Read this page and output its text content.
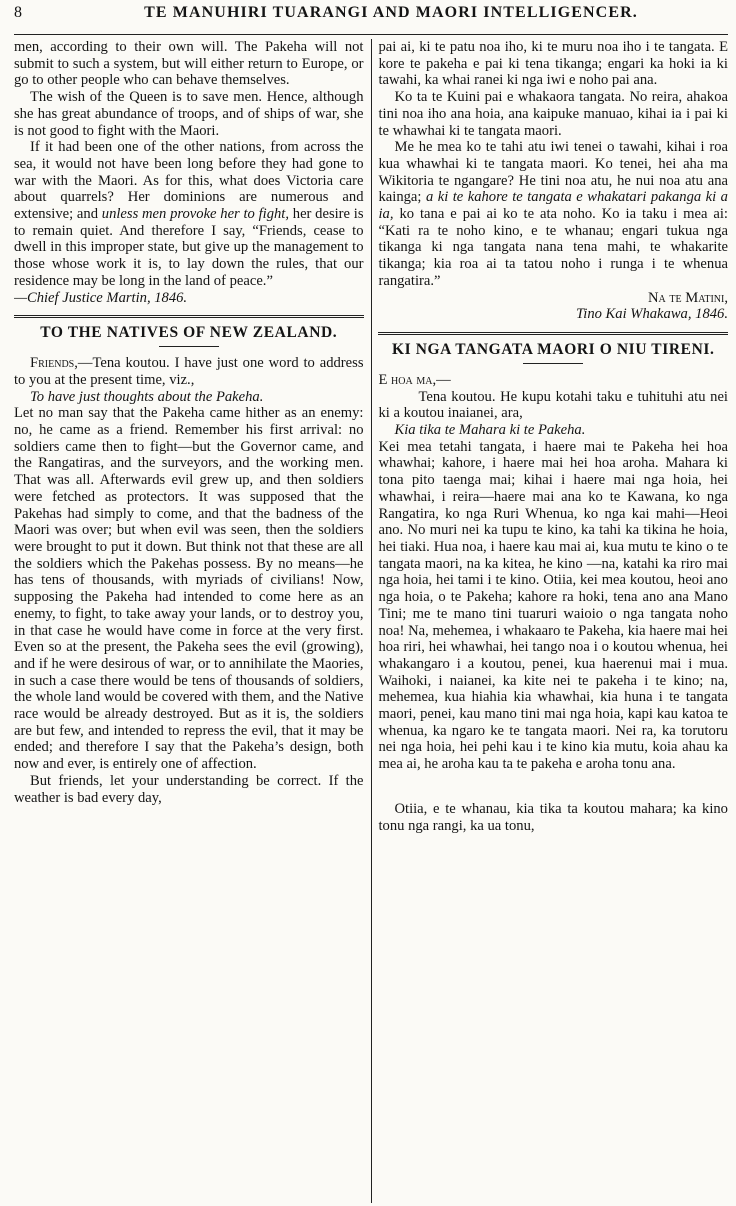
8	TE MANUHIRI TUARANGI AND MAORI INTELLIGENCER.

men, according to their own will. The Pakeha will not submit to such a system, but will either return to Europe, or go to other people who can behave themselves.

The wish of the Queen is to save men. Hence, although she has great abundance of troops, and of ships of war, she is not good to fight with the Maori.

If it had been one of the other nations, from across the sea, it would not have been long before they had gone to war with the Maori. As for this, what does Victoria care about quarrels? Her dominions are numerous and extensive; and unless men provoke her to fight, her desire is to remain quiet. And therefore I say, “Friends, cease to dwell in this improper state, but give up the management to those whose work it is, to lay down the rules, that our residence may be long in the land of peace.”

—Chief Justice Martin, 1846.

TO THE NATIVES OF NEW ZEALAND.

Friends,—Tena koutou. I have just one word to address to you at the present time, viz.,

To have just thoughts about the Pakeha.

Let no man say that the Pakeha came hither as an enemy: no, he came as a friend. Remember his first arrival: no soldiers came then to fight—but the Governor came, and the Rangatiras, and the surveyors, and the working men. That was all. Afterwards evil grew up, and then soldiers were fetched as protectors. It was supposed that the Pakehas had simply to come, and that the badness of the Maori was over; but when evil was seen, then the soldiers were brought to put it down. But think not that these are all the soldiers which the Pakehas possess. By no means—he has tens of thousands, with myriads of civilians! Now, supposing the Pakeha had intended to come here as an enemy, to fight, to take away your lands, or to destroy you, in that case he would have come in force at the very first. Even so at the present, the Pakeha sees the evil (growing), and if he were desirous of war, or to annihilate the Maories, in such a case there would be tens of thousands of soldiers, the whole land would be covered with them, and the Native race would be already destroyed. But as it is, the soldiers are but few, and intended to repress the evil, that it may be ended; and therefore I say that the Pakeha’s design, both now and ever, is entirely one of affection.

But friends, let your understanding be correct. If the weather is bad every day,

pai ai, ki te patu noa iho, ki te muru noa iho i te tangata. E kore te pakeha e pai ki tena tikanga; engari ka hoki ia ki tawahi, ka whai ranei ki nga iwi e noho pai ana.

Ko ta te Kuini pai e whakaora tangata. No reira, ahakoa tini noa iho ana hoia, ana kaipuke manuao, kihai ia i pai ki te whawhai ki te tangata maori.

Me he mea ko te tahi atu iwi tenei o tawahi, kihai i roa kua whawhai ki te tangata maori. Ko tenei, hei aha ma Wikitoria te ngangare? He tini noa atu, he nui noa atu ana kainga; a ki te kahore te tangata e whakatari pakanga ki a ia, ko tana e pai ai ko te ata noho. Ko ia taku i mea ai: “Kati ra te noho kino, e te whanau; engari tukua nga tikanga ki nga tangata nana tena mahi, te whakarite tikanga; kia roa ai ta tatou noho i runga i te whenua rangatira.”

Na te Matini,

Tino Kai Whakawa, 1846.

KI NGA TANGATA MAORI O NIU TIRENI.

E hoa ma,—

Tena koutou. He kupu kotahi taku e tuhituhi atu nei ki a koutou inaianei, ara,

Kia tika te Mahara ki te Pakeha.

Kei mea tetahi tangata, i haere mai te Pakeha hei hoa whawhai; kahore, i haere mai hei hoa aroha. Mahara ki tona pito taenga mai; kihai i haere mai nga hoia, hei whawhai, i reira—haere mai ana ko te Kawana, ko nga Rangatira, ko nga Ruri Whenua, ko nga kai mahi—Heoi ano. No muri nei ka tupu te kino, ka tahi ka tikina he hoia, hei tiaki. Hua noa, i haere kau mai ai, kua mutu te kino o te tangata maori, na ka kitea, he kino —na, katahi ka riro mai nga hoia, hei tami i te kino. Otiia, kei mea koutou, heoi ano nga hoia, o te Pakeha; kahore ra hoki, tena ano ana Mano Tini; me te mano tini tuaruri waioio o nga tangata noho noa! Na, mehemea, i whakaaro te Pakeha, kia haere mai hei hoa riri, hei whawhai, hei tango noa i o koutou whenua, hei whakangaro i a koutou, penei, kua haerenui mai i mua. Waihoki, i naianei, ka kite nei te pakeha i te kino; na, mehemea, kua hiahia kia whawhai, kia huna i te tangata maori, penei, kau mano tini mai nga hoia, kapi kau katoa te whenua, ka ngaro ke te tangata maori. Nei ra, ka torutoru nei nga hoia, hei pehi kau i te kino kia mutu, koia ahau ka mea ai, he aroha kau ta te pakeha e aroha tonu ana.

Otiia, e te whanau, kia tika ta koutou mahara; ka kino tonu nga rangi, ka ua tonu,
